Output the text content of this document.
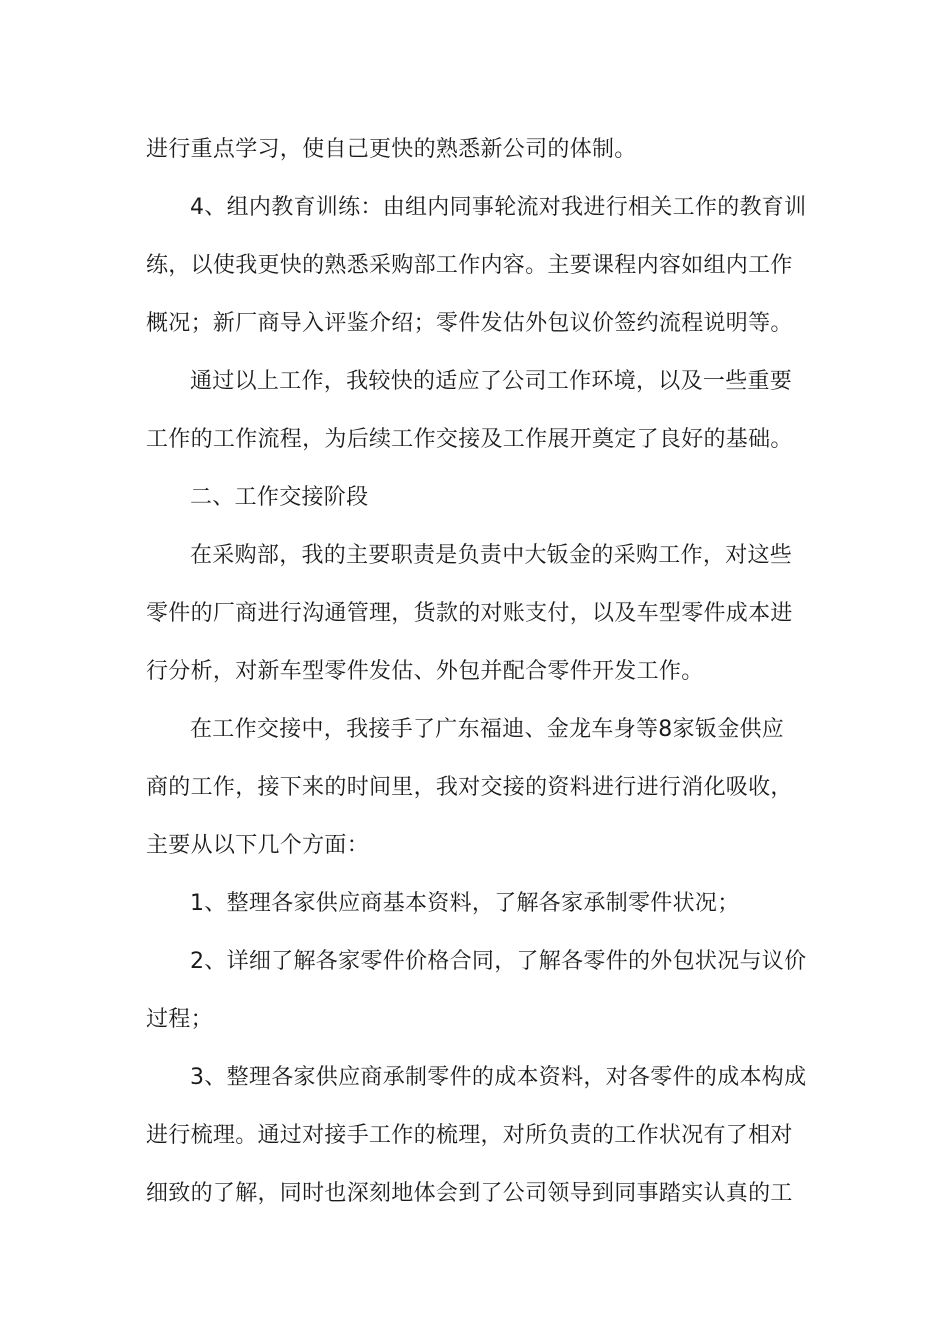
进行重点学习，使自己更快的熟悉新公司的体制。
4、组内教育训练：由组内同事轮流对我进行相关工作的教育训
练，以使我更快的熟悉采购部工作内容。主要课程内容如组内工作
概况；新厂商导入评鉴介绍；零件发估外包议价签约流程说明等。
通过以上工作，我较快的适应了公司工作环境，以及一些重要
工作的工作流程，为后续工作交接及工作展开奠定了良好的基础。
二、工作交接阶段
在采购部，我的主要职责是负责中大钣金的采购工作，对这些
零件的厂商进行沟通管理，货款的对账支付，以及车型零件成本进
行分析，对新车型零件发估、外包并配合零件开发工作。
在工作交接中，我接手了广东福迪、金龙车身等8家钣金供应
商的工作，接下来的时间里，我对交接的资料进行进行消化吸收，
主要从以下几个方面：
1、整理各家供应商基本资料，了解各家承制零件状况；
2、详细了解各家零件价格合同，了解各零件的外包状况与议价
过程；
3、整理各家供应商承制零件的成本资料，对各零件的成本构成
进行梳理。通过对接手工作的梳理，对所负责的工作状况有了相对
细致的了解，同时也深刻地体会到了公司领导到同事踏实认真的工
